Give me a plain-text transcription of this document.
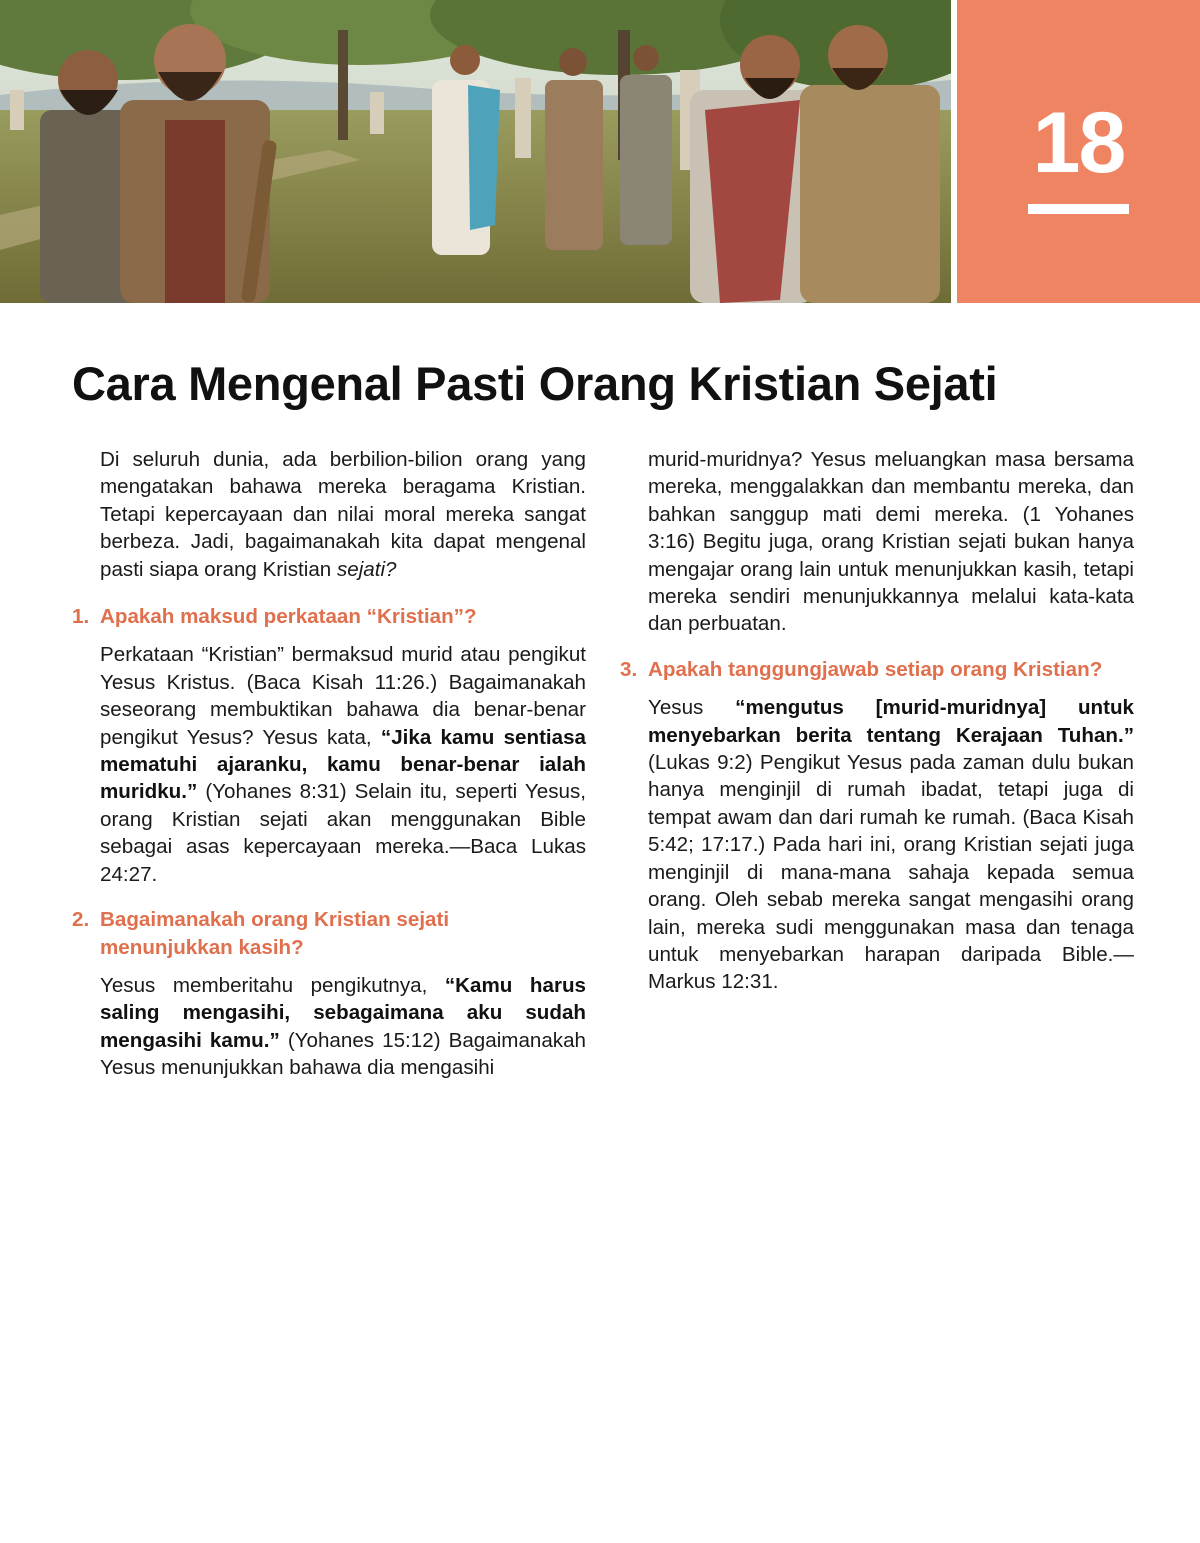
18
Cara Mengenal Pasti Orang Kristian Sejati

Di seluruh dunia, ada berbilion-bilion orang yang mengatakan bahawa mereka beragama Kristian. Tetapi kepercayaan dan nilai moral mereka sangat berbeza. Jadi, bagaimanakah kita dapat mengenal pasti siapa orang Kristian sejati?

1. Apakah maksud perkataan “Kristian”?

Perkataan “Kristian” bermaksud murid atau pengikut Yesus Kristus. (Baca Kisah 11:26.) Bagaimanakah seseorang membuktikan bahawa dia benar-benar pengikut Yesus? Yesus kata, “Jika kamu sentiasa mematuhi ajaranku, kamu benar-benar ialah muridku.” (Yohanes 8:31) Selain itu, seperti Yesus, orang Kristian sejati akan menggunakan Bible sebagai asas kepercayaan mereka.—Baca Lukas 24:27.

2. Bagaimanakah orang Kristian sejati menunjukkan kasih?

Yesus memberitahu pengikutnya, “Kamu harus saling mengasihi, sebagaimana aku sudah mengasihi kamu.” (Yohanes 15:12) Bagaimanakah Yesus menunjukkan bahawa dia mengasihi

murid-muridnya? Yesus meluangkan masa bersama mereka, menggalakkan dan membantu mereka, dan bahkan sanggup mati demi mereka. (1 Yohanes 3:16) Begitu juga, orang Kristian sejati bukan hanya mengajar orang lain untuk menunjukkan kasih, tetapi mereka sendiri menunjukkannya melalui kata-kata dan perbuatan.

3. Apakah tanggungjawab setiap orang Kristian?

Yesus “mengutus [murid-muridnya] untuk menyebarkan berita tentang Kerajaan Tuhan.” (Lukas 9:2) Pengikut Yesus pada zaman dulu bukan hanya menginjil di rumah ibadat, tetapi juga di tempat awam dan dari rumah ke rumah. (Baca Kisah 5:42; 17:17.) Pada hari ini, orang Kristian sejati juga menginjil di mana-mana sahaja kepada semua orang. Oleh sebab mereka sangat mengasihi orang lain, mereka sudi menggunakan masa dan tenaga untuk menyebarkan harapan daripada Bible.—Markus 12:31.
